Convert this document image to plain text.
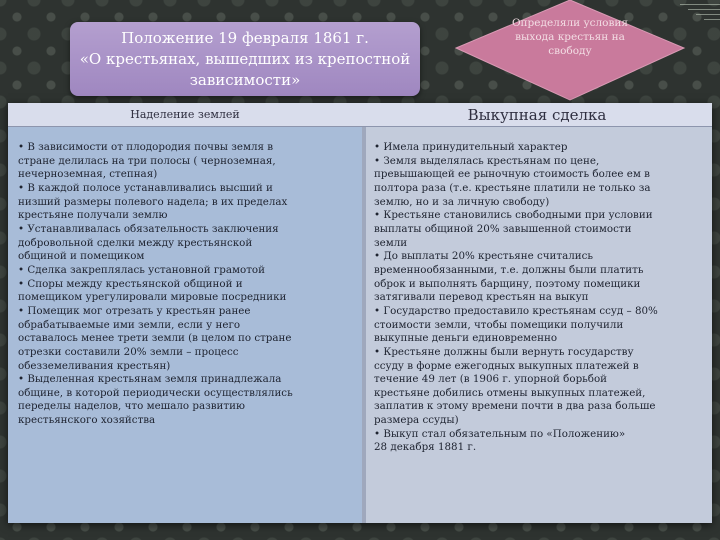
Положение 19 февраля 1861 г.
«О крестьянах, вышедших из крепостной
зависимости»
Определяли условия выхода крестьян на свободу
Наделение землей

• В зависимости от плодородия почвы земля в

стране делилась на три полосы ( черноземная,

нечерноземная, степная)

• В каждой полосе устанавливались высший и

низший размеры полевого надела; в их пределах

крестьяне получали землю

• Устанавливалась обязательность заключения

добровольной сделки между крестьянской

общиной и помещиком

• Сделка закреплялась установной грамотой

• Споры между крестьянской общиной и

помещиком урегулировали мировые посредники

• Помещик мог отрезать у крестьян ранее

обрабатываемые ими земли, если у него

оставалось менее трети земли (в целом по стране

отрезки составили 20% земли – процесс

обезземеливания крестьян)

• Выделенная крестьянам земля принадлежала

общине, в которой периодически осуществлялись

переделы наделов, что мешало развитию

крестьянского хозяйства

Выкупная сделка

• Имела принудительный характер

• Земля выделялась крестьянам по цене,

превышающей ее рыночную стоимость более ем в

полтора раза (т.е. крестьяне платили не только за

землю, но и за личную свободу)

• Крестьяне становились свободными при условии

выплаты общиной 20% завышенной стоимости

земли

• До выплаты 20% крестьяне считались

временнообязанными, т.е. должны были платить

оброк и выполнять барщину, поэтому помещики

затягивали перевод крестьян на выкуп

• Государство предоставило крестьянам ссуд – 80%

стоимости земли, чтобы помещики получили

выкупные деньги единовременно

• Крестьяне должны были вернуть государству

ссуду в форме ежегодных выкупных платежей в

течение 49 лет (в 1906 г. упорной борьбой

крестьяне добились отмены выкупных платежей,

заплатив к этому времени почти в два раза больше

размера ссуды)

• Выкуп стал обязательным по «Положению»

28 декабря 1881 г.
